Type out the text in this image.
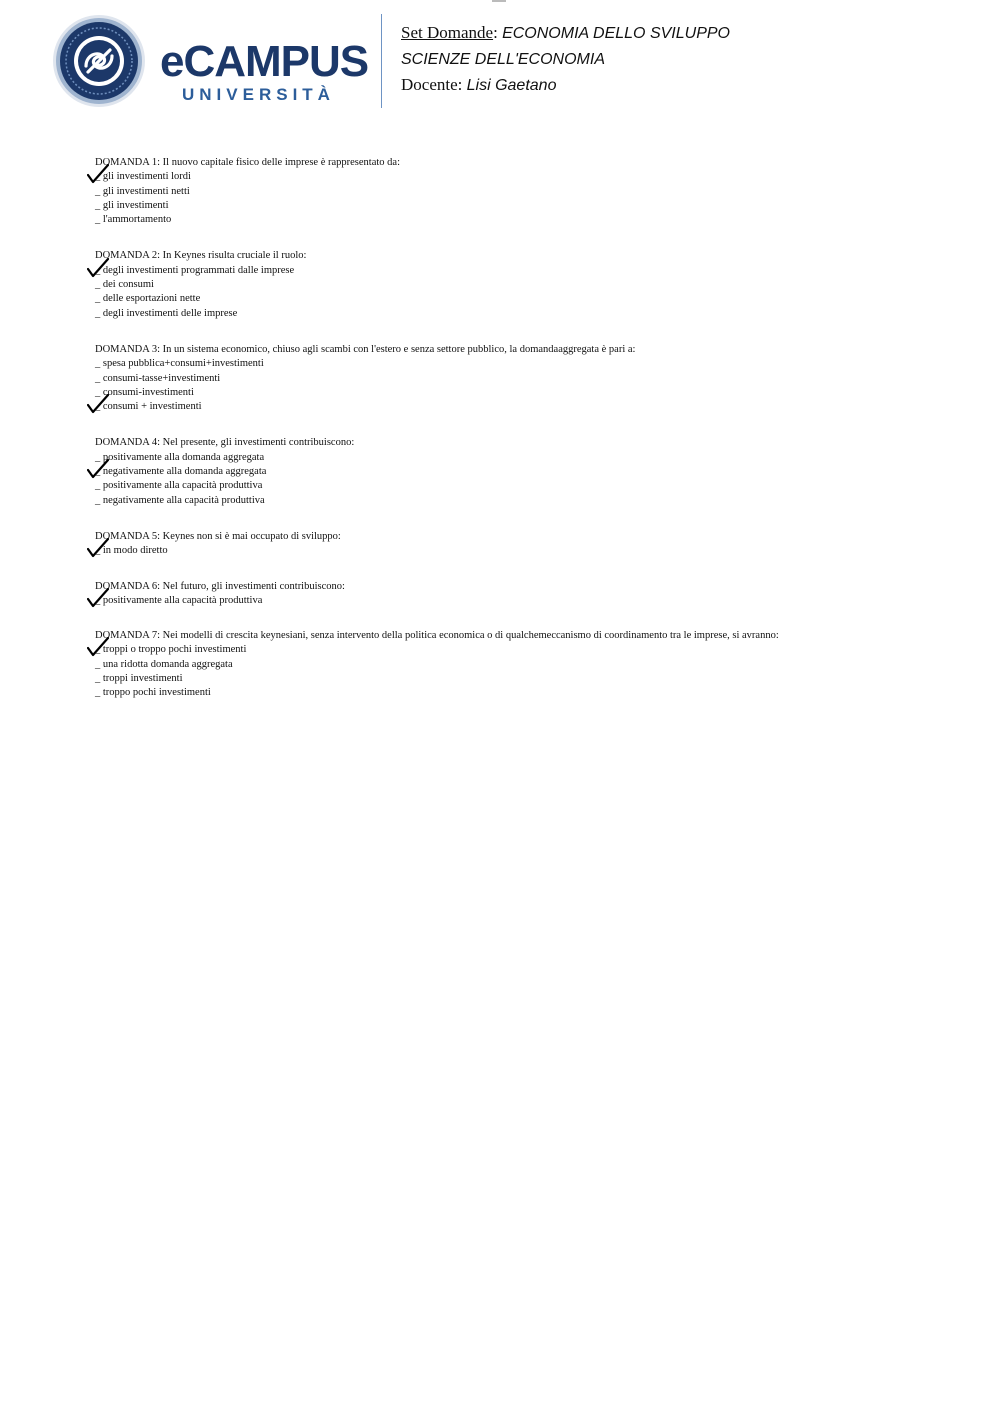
eCAMPUS
UNIVERSITÀ
Set Domande: ECONOMIA DELLO SVILUPPO
SCIENZE DELL'ECONOMIA
Docente: Lisi Gaetano
DOMANDA 1: Il nuovo capitale fisico delle imprese è rappresentato da:
_ gli investimenti lordi
_ gli investimenti netti
_ gli investimenti
_ l'ammortamento
DOMANDA 2: In Keynes risulta cruciale il ruolo:
_ degli investimenti programmati dalle imprese
_ dei consumi
_ delle esportazioni nette
_ degli investimenti delle imprese
DOMANDA 3: In un sistema economico, chiuso agli scambi con l'estero e senza settore pubblico, la domandaaggregata è pari a:
_ spesa pubblica+consumi+investimenti
_ consumi-tasse+investimenti
_ consumi-investimenti
_ consumi + investimenti
DOMANDA 4: Nel presente, gli investimenti contribuiscono:
_ positivamente alla domanda aggregata
_ negativamente alla domanda aggregata
_ positivamente alla capacità produttiva
_ negativamente alla capacità produttiva
DOMANDA 5: Keynes non si è mai occupato di sviluppo:
_ in modo diretto
DOMANDA 6: Nel futuro, gli investimenti contribuiscono:
_ positivamente alla capacità produttiva
DOMANDA 7: Nei modelli di crescita keynesiani, senza intervento della politica economica o di qualchemeccanismo di coordinamento tra le imprese, si avranno:
_ troppi o troppo pochi investimenti
_ una ridotta domanda aggregata
_ troppi investimenti
_ troppo pochi investimenti
